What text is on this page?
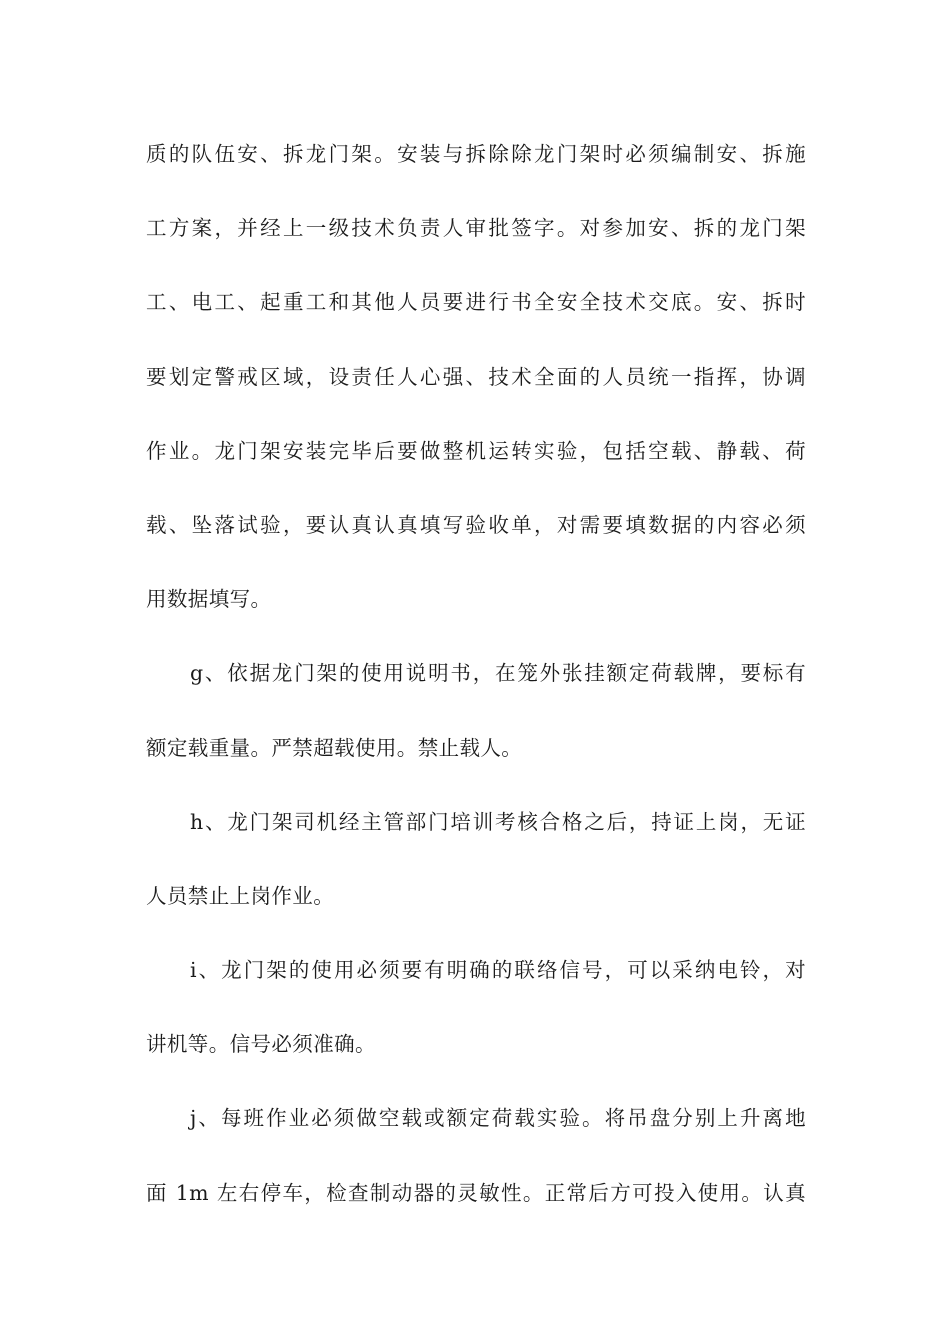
质的队伍安、拆龙门架。安装与拆除除龙门架时必须编制安、拆施
工方案，并经上一级技术负责人审批签字。对参加安、拆的龙门架
工、电工、起重工和其他人员要进行书全安全技术交底。安、拆时
要划定警戒区域，设责任人心强、技术全面的人员统一指挥，协调
作业。龙门架安装完毕后要做整机运转实验，包括空载、静载、荷
载、坠落试验，要认真认真填写验收单，对需要填数据的内容必须
用数据填写。
g、依据龙门架的使用说明书，在笼外张挂额定荷载牌，要标有
额定载重量。严禁超载使用。禁止载人。
h、龙门架司机经主管部门培训考核合格之后，持证上岗，无证
人员禁止上岗作业。
i、龙门架的使用必须要有明确的联络信号，可以采纳电铃，对
讲机等。信号必须准确。
j、每班作业必须做空载或额定荷载实验。将吊盘分别上升离地
面 1m 左右停车，检查制动器的灵敏性。正常后方可投入使用。认真
